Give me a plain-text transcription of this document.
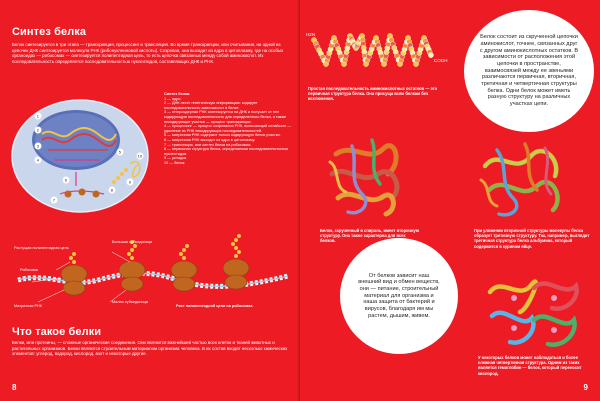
Синтез белка
Белок синтезируется в три этапа — транскрипция, процессинг и трансляция. Во время транскрипции, или считывания, на одной из цепочек ДНК синтезируется молекула РНК (рибонуклеиновой кислоты). Созревая, она выходит из ядра в цитоплазму, где на особых органоидах — рибосомах — синтезируется полипептидная цепь, то есть цепочка связанных между собой аминокислот. Их последовательность определяется последовательностью нуклеотидов, составляющих ДНК и РНК.
1
2
3
4
5
6
7
8
9
10

Синтез белка.

1 — ядро.

2 — ДНК несет генетическую информацию: кодирует последовательность аминокислот в белке.

3 — гетероядерная РНК синтезируется на ДНК и получает от нее кодирующую последовательность для определенного белка, а также некодирующие участки — процесс транскрипции.

4 — процессинг — процесс созревания РНК, включающий сплайсинг — удаление из РНК некодирующих последовательностей.

5 — матричная РНК содержит только кодирующую белок участки.

6 — матричная РНК выходит из ядра в цитоплазму.

7 — трансляция, или синтез белка на рибосомах.

8 — первичная структура белка, определяемая последовательностью нуклеотидов.

9 — укладка.

10 — белок.

Растущая полипептидная цепь
Большая субъединица
Рибосома
Матричная РНК
Малая субъединица
Рост полипептидной цепи на рибосомах.
Что такое белки
Белки, или протеины, — сложные органические соединения. Они являются важнейшей частью всех клеток и тканей животных и растительных организмов. Белки являются строительным материалом организма человека. В их состав входят несколько химических элементов: углерод, водород, кислород, азот и некоторые другие.
8
H2N
COOH
Простая последовательность аминокислотных остатков — это первичная структура белка. Она присуща всем белкам без исключения.
Белок состоит из скрученной цепочки аминокислот, точнее, связанных друг с другом аминокислотных остатков. В зависимости от расположения этой цепочки в пространстве, взаимосвязей между ее звеньями различаются первичная, вторичная, третичная и четвертичная структуры белка. Одни белок может иметь разную структуру на различных участках цепи.
Белок, скрученный в спираль, имеет вторичную структуру. Она также характерна для всех белков.
При уложении вторичной структуры молекулы белка образует третичную структуру. Так, например, выглядит третичная структура белка альбумина, который содержится в курином яйце.
От белков зависит наш внешний вид и обмен веществ, они — питание, строительный материал для организма и наша защита от бактерий и вирусов, благодаря им мы растем, дышим, живем.
У некоторых белков может наблюдаться и более сложная четвертичная структура. Одним из таких является гемоглобин — белок, который переносит кислород.
9
